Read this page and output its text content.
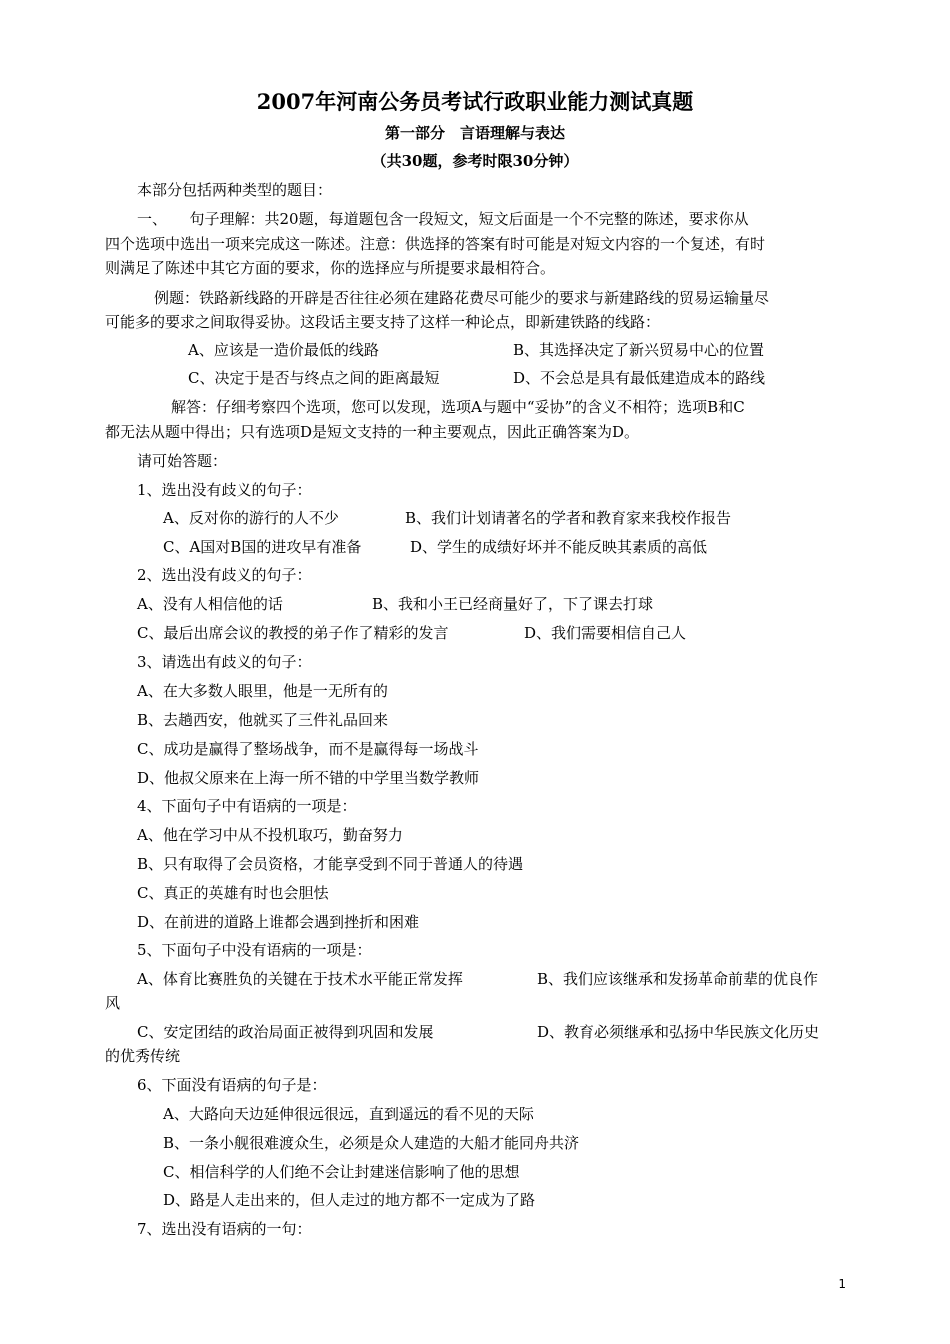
2007年河南公务员考试行政职业能力测试真题
第一部分　言语理解与表达
（共30题，参考时限30分钟）
本部分包括两种类型的题目：
一、　　句子理解：共20题，每道题包含一段短文，短文后面是一个不完整的陈述，要求你从
四个选项中选出一项来完成这一陈述。注意：供选择的答案有时可能是对短文内容的一个复述，有时
则满足了陈述中其它方面的要求，你的选择应与所提要求最相符合。
例题：铁路新线路的开辟是否往往必须在建路花费尽可能少的要求与新建路线的贸易运输量尽
可能多的要求之间取得妥协。这段话主要支持了这样一种论点，即新建铁路的线路：
A、应该是一造价最低的线路	B、其选择决定了新兴贸易中心的位置
C、决定于是否与终点之间的距离最短	D、不会总是具有最低建造成本的路线
解答：仔细考察四个选项，您可以发现，选项A与题中“妥协”的含义不相符；选项B和C
都无法从题中得出；只有选项D是短文支持的一种主要观点，因此正确答案为D。
请可始答题：
1、选出没有歧义的句子：
A、反对你的游行的人不少	B、我们计划请著名的学者和教育家来我校作报告
C、A国对B国的进攻早有准备	D、学生的成绩好坏并不能反映其素质的高低
2、选出没有歧义的句子：
A、没有人相信他的话	B、我和小王已经商量好了，下了课去打球
C、最后出席会议的教授的弟子作了精彩的发言	D、我们需要相信自己人
3、请选出有歧义的句子：
A、在大多数人眼里，他是一无所有的
B、去趟西安，他就买了三件礼品回来
C、成功是赢得了整场战争，而不是赢得每一场战斗
D、他叔父原来在上海一所不错的中学里当数学教师
4、下面句子中有语病的一项是：
A、他在学习中从不投机取巧，勤奋努力
B、只有取得了会员资格，才能享受到不同于普通人的待遇
C、真正的英雄有时也会胆怯
D、在前进的道路上谁都会遇到挫折和困难
5、下面句子中没有语病的一项是：
A、体育比赛胜负的关键在于技术水平能正常发挥	B、我们应该继承和发扬革命前辈的优良作
风
C、安定团结的政治局面正被得到巩固和发展	D、教育必须继承和弘扬中华民族文化历史
的优秀传统
6、下面没有语病的句子是：
A、大路向天边延伸很远很远，直到遥远的看不见的天际
B、一条小舰很难渡众生，必须是众人建造的大船才能同舟共济
C、相信科学的人们绝不会让封建迷信影响了他的思想
D、路是人走出来的，但人走过的地方都不一定成为了路
7、选出没有语病的一句：
1
